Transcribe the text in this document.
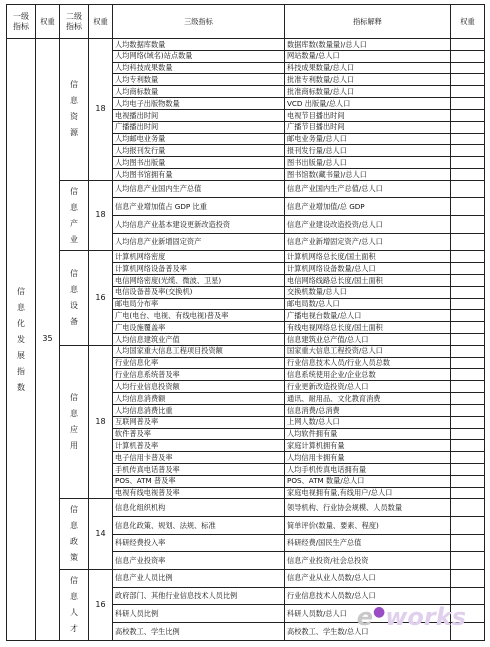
一级指标	权重	二级指标	权重	三级指标	指标解释	权重
信息化发展指数	35	信息资源	18	人均数据库数量	数据库数(数量量)/总人口	
				人均网络(域名)站点数量	网站数量/总人口	
				人均科技成果数量	科技成果数量/总人口	
				人均专利数量	批准专利数量/总人口	
				人均商标数量	批准商标数量/总人口	
				人均电子出版物数量	VCD 出版量/总人口	
				电视播出时间	电视节目播出时间	
				广播播出时间	广播节目播出时间	
				人均邮电业务量	邮电业务量/总人口	
				人均报刊发行量	报刊发行量/总人口	
				人均图书出版量	图书出版量/总人口	
				人均图书馆拥有量	图书馆数(藏书量)/总人口	
		信息产业	18	人均信息产业国内生产总值	信息产业国内生产总值/总人口	
				信息产业增加值占 GDP 比重	信息产业增加值/总 GDP	
				人均信息产业基本建设更新改造投资	信息产业建设改造投资/总人口	
				人均信息产业新增固定资产	信息产业新增固定资产/总人口	
		信息设备	16	计算机网络密度	计算机网络总长度/国土面积	
				计算机网络设备普及率	计算机网络设备数量/总人口	
				电信网络密度(光缆、微波、卫星)	电信网络线路总长度/国土面积	
				电信设备普及率(交换机)	交换机数量/总人口	
				邮电局分布率	邮电局数/总人口	
				广电(电台、电视、有线电视)普及率	广播电视台数量/总人口	
				广电设施覆盖率	有线电视网络总长度/国土面积	
				人均信息建筑业产值	信息建筑业总产值/总人口	
		信息应用	18	人均国家重大信息工程项目投资额	国家重大信息工程投资/总人口	
				行业信息化率	行业信息技术人员/行业人员总数	
				行业信息系统普及率	信息系统使用企业/企业总数	
				人均行业信息投资额	行业更新改造投资/总人口	
				人均信息消费额	通讯、耐用品、文化教育消费	
				人均信息消费比重	信息消费/总消费	
				互联网普及率	上网人数/总人口	
				软件普及率	人均软件拥有量	
				计算机普及率	家庭计算机拥有量	
				电子信用卡普及率	人均信用卡拥有量	
				手机传真电话普及率	人均手机传真电话拥有量	
				POS、ATM 普及率	POS、ATM 数量/总人口	
				电视有线电视普及率	家庭电视拥有量,有线用户/总人口	
		信息政策	14	信息化组织机构	领导机构、行业协会规模、人员数量	
				信息化政策、规划、法规、标准	简单评价(数量、要素、程度)	
				科研经费投入率	科研经费/国民生产总值	
				信息产业投资率	信息产业投资/社会总投资	
		信息人才	16	信息产业人员比例	信息产业从业人员数/总人口	
				政府部门、其他行业信息技术人员比例	行业信息技术人员数/总人口	
				科研人员比例	科研人员数/总人口	
				高校教工、学生比例	高校教工、学生数/总人口	
e●works
